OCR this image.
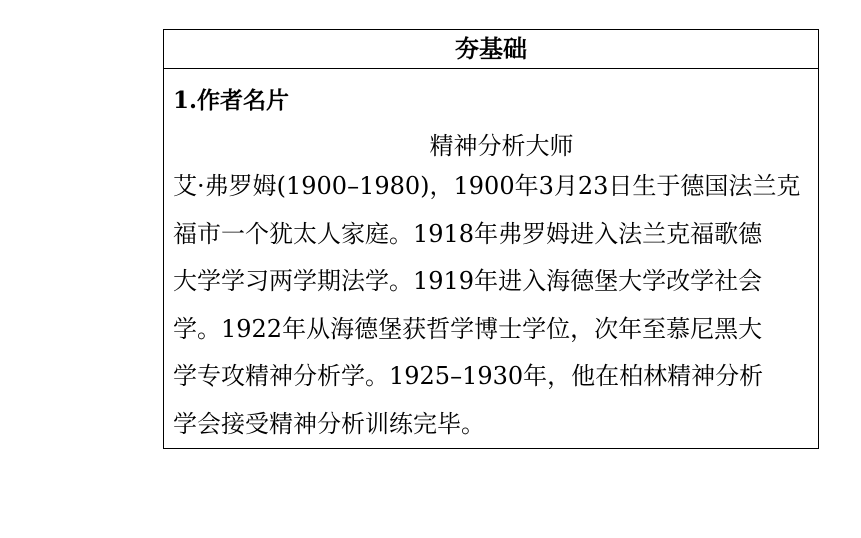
夯基础
1.作者名片
精神分析大师
艾·弗罗姆(1900–1980)，1900年3月23日生于德国法兰克
福市一个犹太人家庭。1918年弗罗姆进入法兰克福歌德
大学学习两学期法学。1919年进入海德堡大学改学社会
学。1922年从海德堡获哲学博士学位，次年至慕尼黑大
学专攻精神分析学。1925–1930年，他在柏林精神分析
学会接受精神分析训练完毕。
